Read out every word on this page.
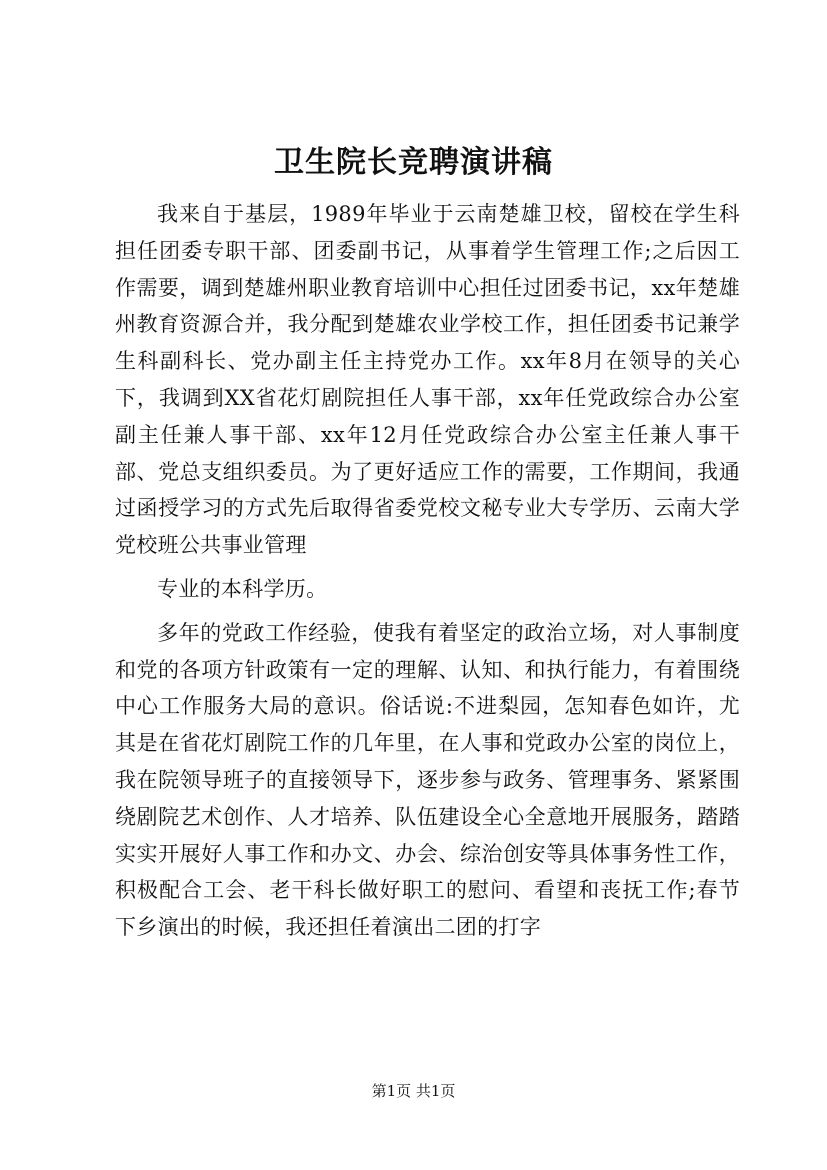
卫生院长竞聘演讲稿

我来自于基层，1989年毕业于云南楚雄卫校，留校在学生科担任团委专职干部、团委副书记，从事着学生管理工作;之后因工作需要，调到楚雄州职业教育培训中心担任过团委书记，xx年楚雄州教育资源合并，我分配到楚雄农业学校工作，担任团委书记兼学生科副科长、党办副主任主持党办工作。xx年8月在领导的关心下，我调到XX省花灯剧院担任人事干部，xx年任党政综合办公室副主任兼人事干部、xx年12月任党政综合办公室主任兼人事干部、党总支组织委员。为了更好适应工作的需要，工作期间，我通过函授学习的方式先后取得省委党校文秘专业大专学历、云南大学党校班公共事业管理

专业的本科学历。

多年的党政工作经验，使我有着坚定的政治立场，对人事制度和党的各项方针政策有一定的理解、认知、和执行能力，有着围绕中心工作服务大局的意识。俗话说:不进梨园，怎知春色如许，尤其是在省花灯剧院工作的几年里，在人事和党政办公室的岗位上，我在院领导班子的直接领导下，逐步参与政务、管理事务、紧紧围绕剧院艺术创作、人才培养、队伍建设全心全意地开展服务，踏踏实实开展好人事工作和办文、办会、综治创安等具体事务性工作，积极配合工会、老干科长做好职工的慰问、看望和丧抚工作;春节下乡演出的时候，我还担任着演出二团的打字

第1页 共1页
